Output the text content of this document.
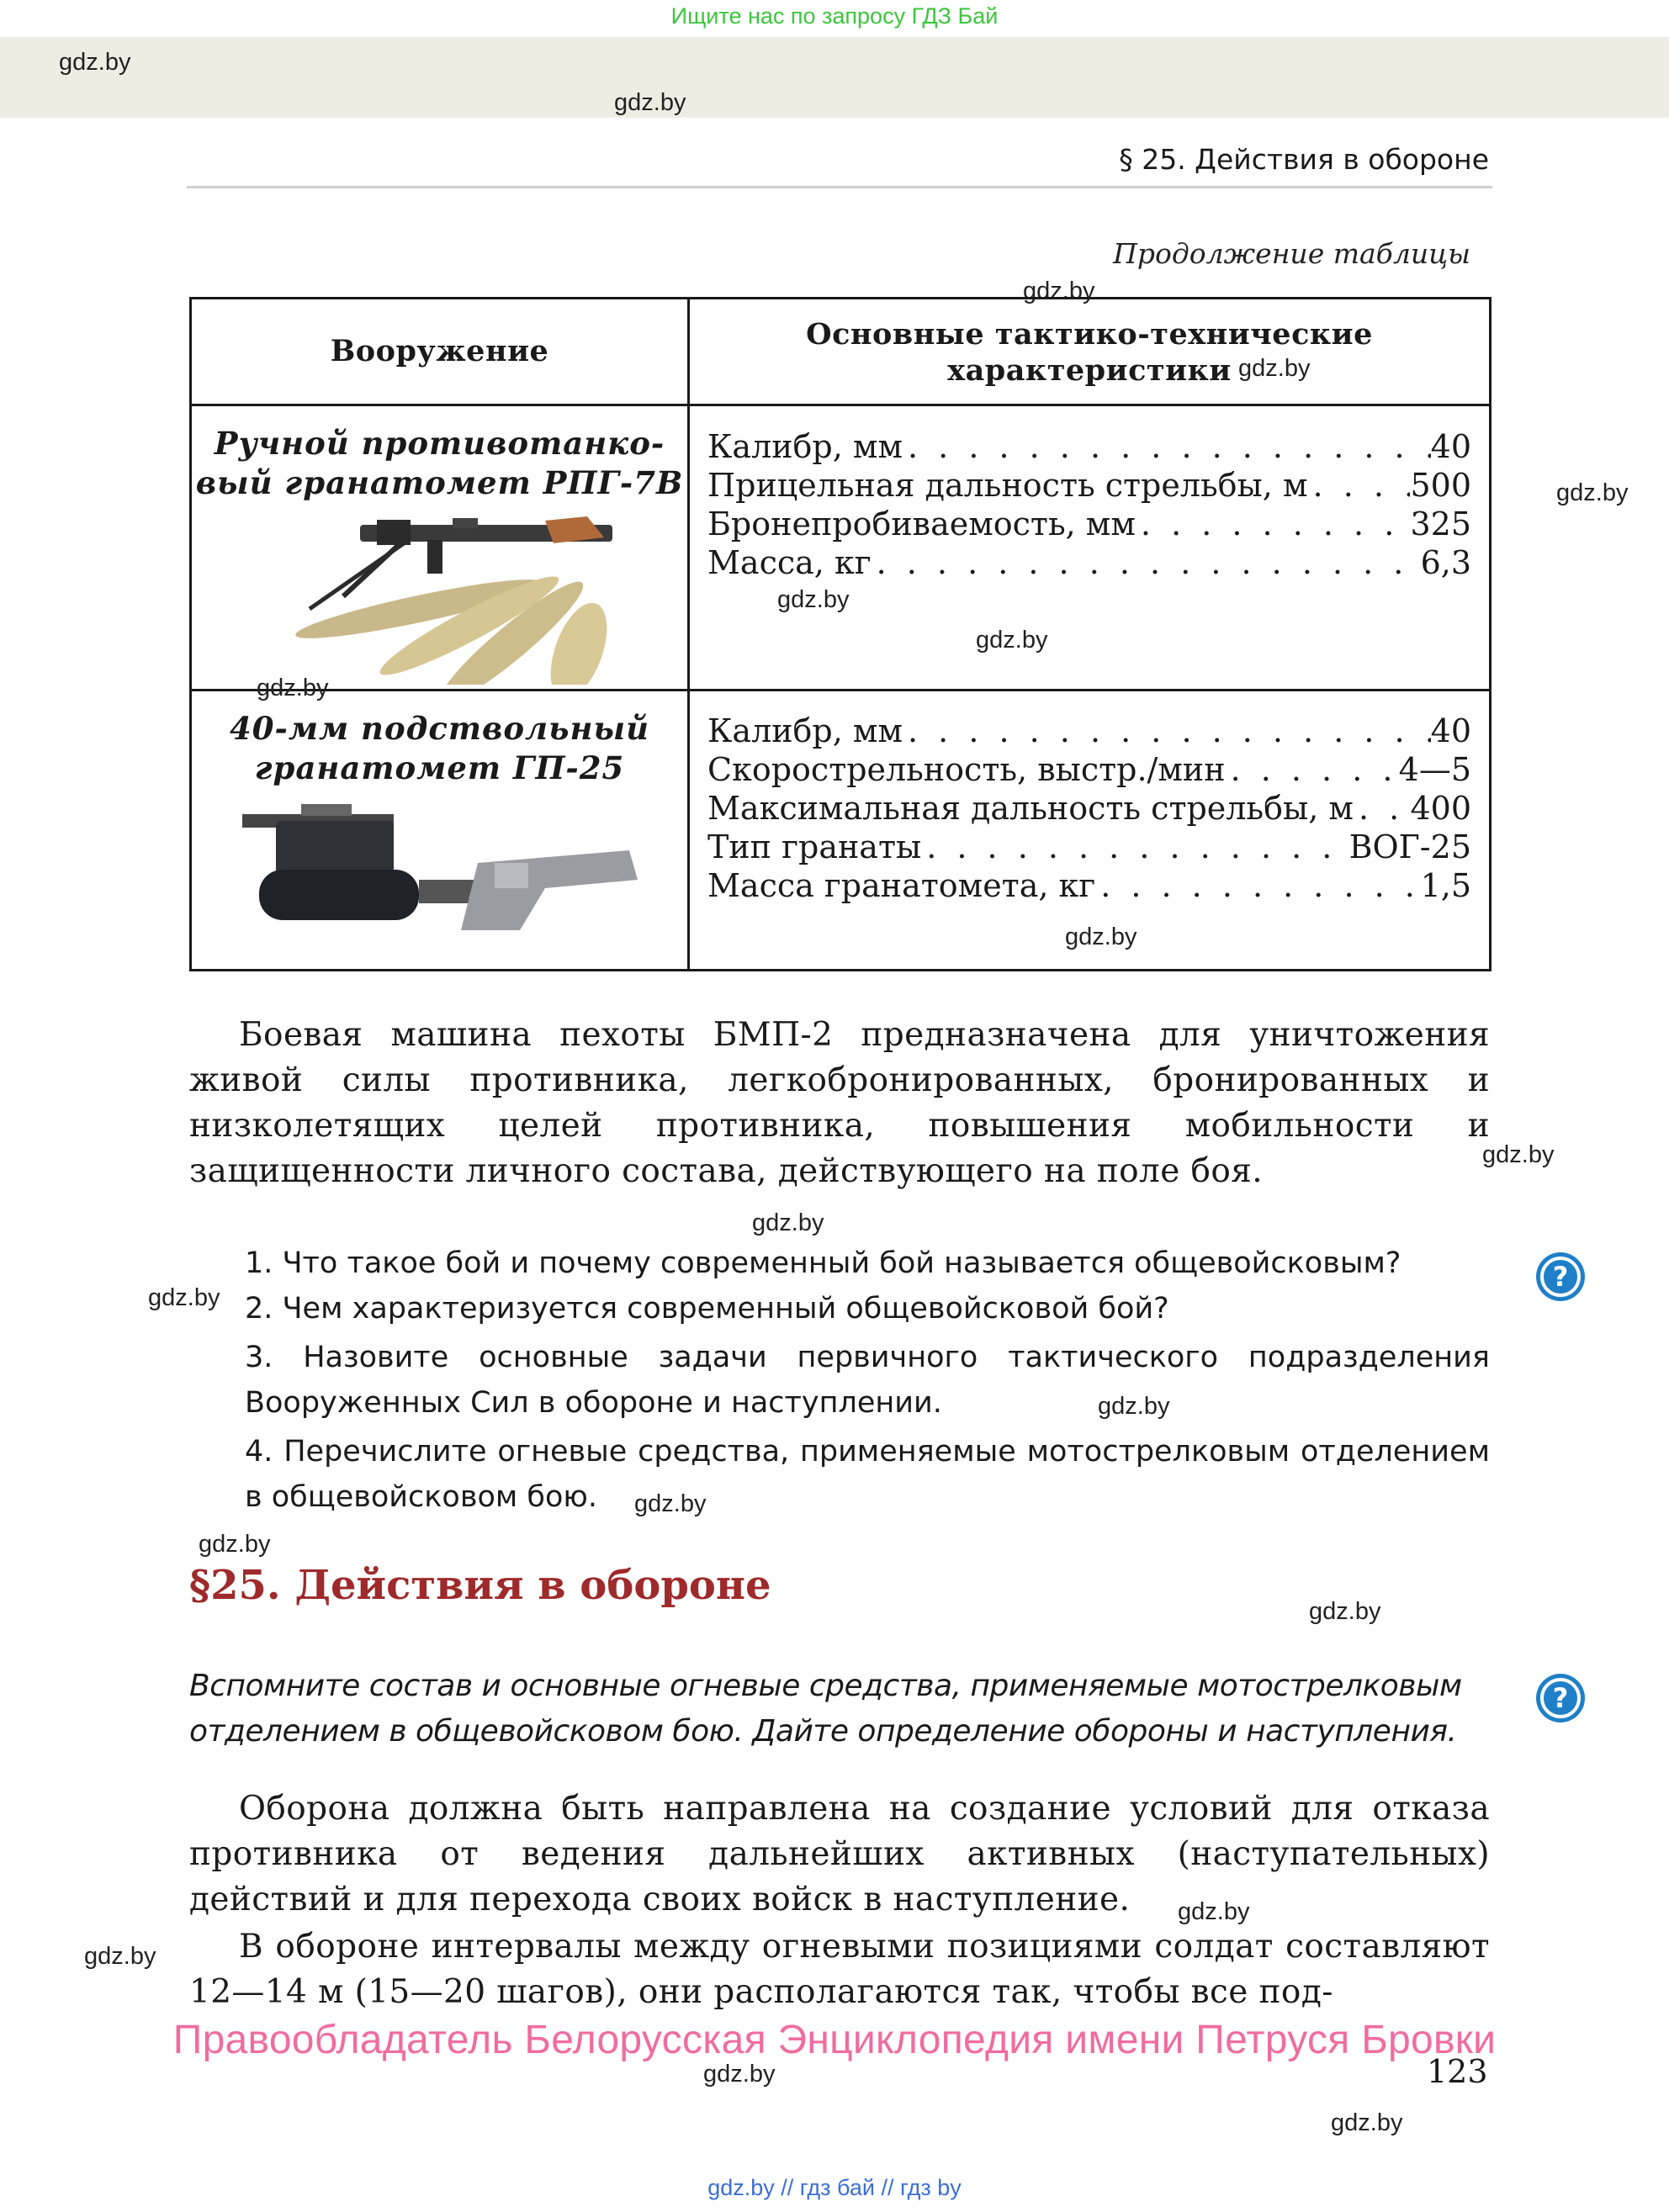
Ищите нас по запросу ГДЗ Бай
gdz.by
gdz.by
§ 25. Действия в обороне
Продолжение таблицы
gdz.by
Вооружение	Основные тактико-технические
характеристики
Ручной противотанко-
вый гранатомет РПГ-7В
Калибр, мм . . .	40
Прицельная дальность стрельбы, м . . .	500
Бронепробиваемость, мм . . .	325
Масса, кг . . .	6,3
40-мм подствольный
гранатомет ГП-25
Калибр, мм . . .	40
Скорострельность, выстр./мин . . .	4—5
Максимальная дальность стрельбы, м . . . 400
Тип гранаты . . .	ВОГ-25
Масса гранатомета, кг . . .	1,5
gdz.by
gdz.by
gdz.by
gdz.by
gdz.by
gdz.by
Боевая машина пехоты БМП-2 предназначена для уничтожения живой силы противника, легкобронированных, бронированных и низколетящих целей противника, повышения мобильности и защищенности личного состава, действующего на поле боя.	gdz.by
gdz.by
?
gdz.by
1. Что такое бой и почему современный бой называется общевойсковым?
2. Чем характеризуется современный общевойсковой бой?
3. Назовите основные задачи первичного тактического подразделения Вооруженных Сил в обороне и наступлении.
4. Перечислите огневые средства, применяемые мотострелковым отделением в общевойсковом бою.
gdz.by
gdz.by
gdz.by
§25. Действия в обороне
gdz.by
?
Вспомните состав и основные огневые средства, применяемые мотострелковым
отделением в общевойсковом бою. Дайте определение обороны и наступления.
Оборона должна быть направлена на создание условий для отказа противника от ведения дальнейших активных (наступательных) действий и для перехода своих войск в наступление.	gdz.by
gdz.by	В обороне интервалы между огневыми позициями солдат составляют 12—14 м (15—20 шагов), они располагаются так, чтобы все под-
Правообладатель Белорусская Энциклопедия имени Петруся Бровки
gdz.by	123
gdz.by
gdz.by // гдз бай // гдз by
